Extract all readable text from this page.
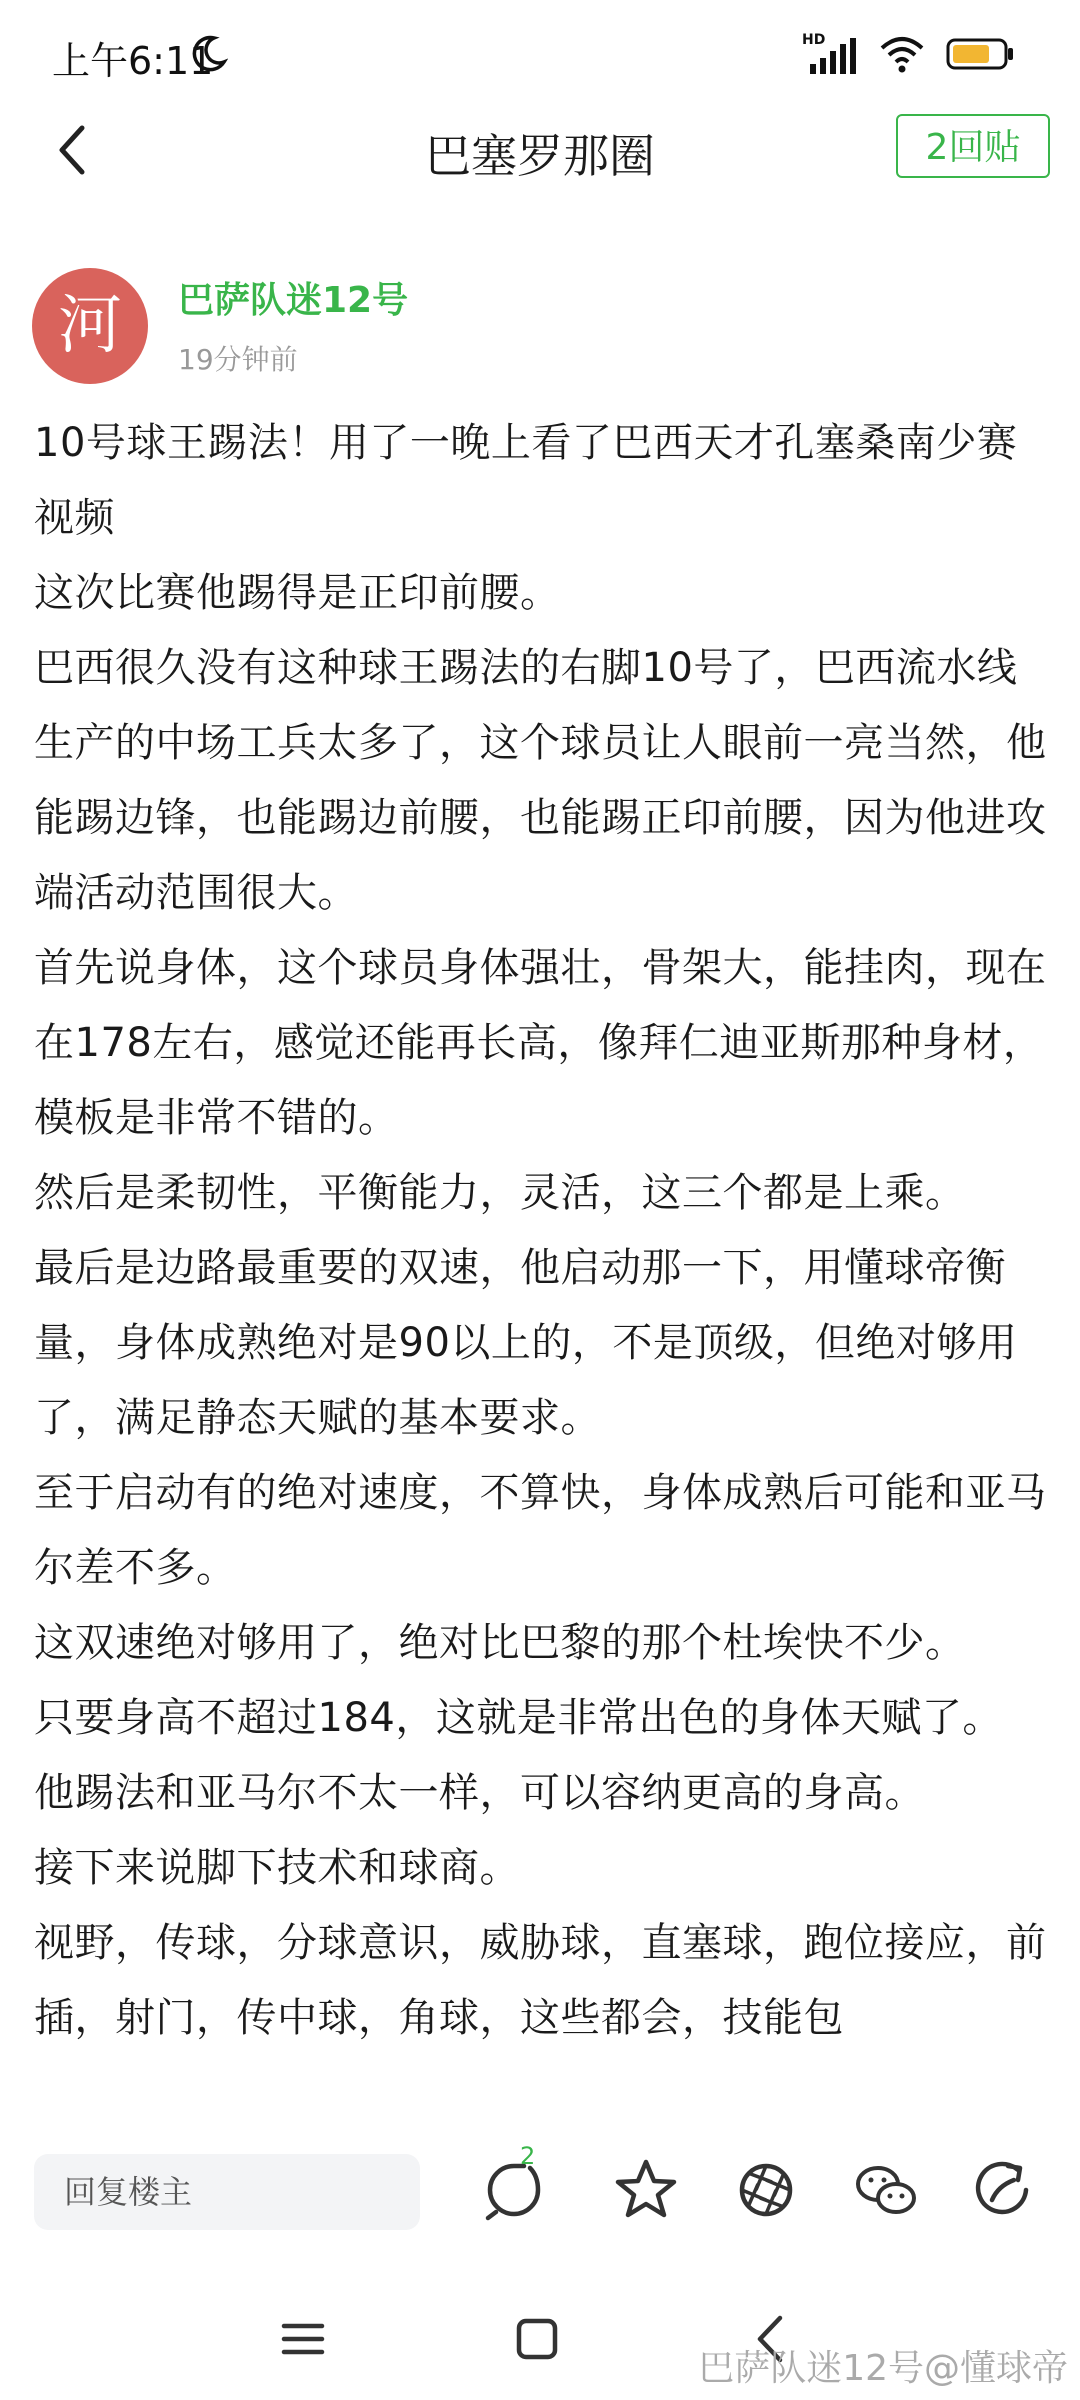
上午6:11	HD
巴塞罗那圈	2回贴
河	巴萨队迷12号
19分钟前

10号球王踢法！用了一晚上看了巴西天才孔塞桑南少赛视频

这次比赛他踢得是正印前腰。

巴西很久没有这种球王踢法的右脚10号了，巴西流水线生产的中场工兵太多了，这个球员让人眼前一亮当然，他能踢边锋，也能踢边前腰，也能踢正印前腰，因为他进攻端活动范围很大。

首先说身体，这个球员身体强壮，骨架大，能挂肉，现在在178左右，感觉还能再长高，像拜仁迪亚斯那种身材，模板是非常不错的。

然后是柔韧性，平衡能力，灵活，这三个都是上乘。

最后是边路最重要的双速，他启动那一下，用懂球帝衡量，身体成熟绝对是90以上的，不是顶级，但绝对够用了，满足静态天赋的基本要求。

至于启动有的绝对速度，不算快，身体成熟后可能和亚马尔差不多。

这双速绝对够用了，绝对比巴黎的那个杜埃快不少。

只要身高不超过184，这就是非常出色的身体天赋了。

他踢法和亚马尔不太一样，可以容纳更高的身高。

接下来说脚下技术和球商。

视野，传球，分球意识，威胁球，直塞球，跑位接应，前插，射门，传中球，角球，这些都会，技能包

回复楼主
2
巴萨队迷12号@懂球帝
